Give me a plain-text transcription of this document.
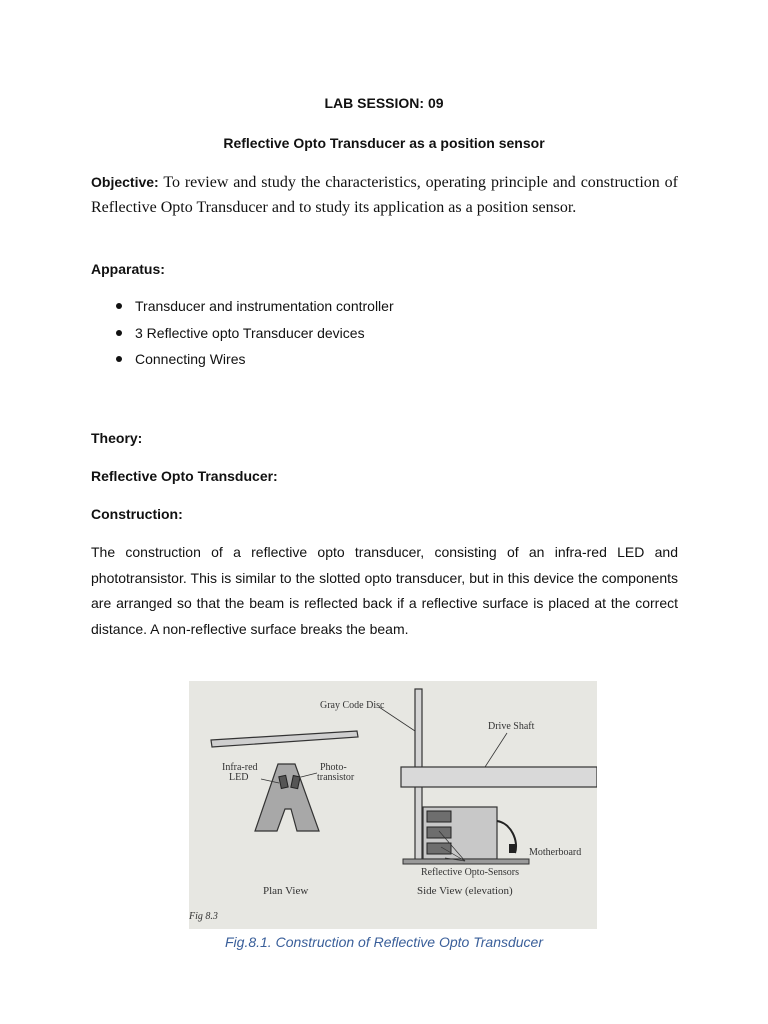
LAB SESSION: 09
Reflective Opto Transducer as a position sensor
Objective: To review and study the characteristics, operating principle and construction of Reflective Opto Transducer and to study its application as a position sensor.
Apparatus:
Transducer and instrumentation controller
3 Reflective opto Transducer devices
Connecting Wires
Theory:
Reflective Opto Transducer:
Construction:
The construction of a reflective opto transducer, consisting of an infra-red LED and phototransistor. This is similar to the slotted opto transducer, but in this device the components are arranged so that the beam is reflected back if a reflective surface is placed at the correct distance. A non-reflective surface breaks the beam.
Gray Code Disc
Drive Shaft
Infra-red
LED
Photo-
transistor
Motherboard
Reflective Opto-Sensors
Plan View	Side View (elevation)
Fig 8.3
Fig.8.1. Construction of Reflective Opto Transducer
